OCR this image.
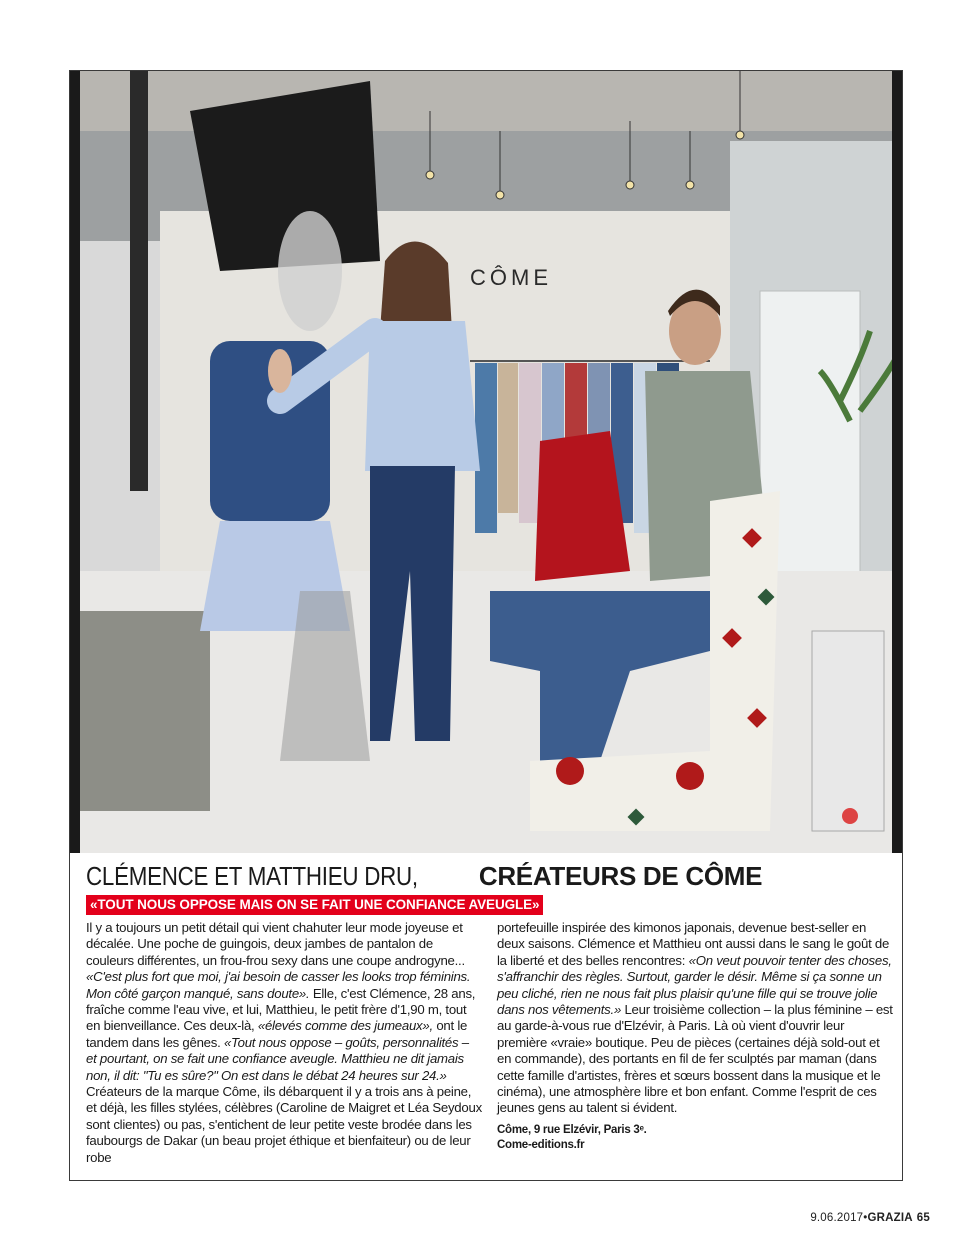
CÔME
CLÉMENCE ET MATTHIEU DRU, CRÉATEURS DE CÔME
«TOUT NOUS OPPOSE MAIS ON SE FAIT UNE CONFIANCE AVEUGLE»

Il y a toujours un petit détail qui vient chahuter leur mode joyeuse et décalée. Une poche de guingois, deux jambes de pantalon de couleurs différentes, un frou-frou sexy dans une coupe androgyne... «C'est plus fort que moi, j'ai besoin de casser les looks trop féminins. Mon côté garçon manqué, sans doute». Elle, c'est Clémence, 28 ans, fraîche comme l'eau vive, et lui, Matthieu, le petit frère d'1,90 m, tout en bienveillance. Ces deux-là, «élevés comme des jumeaux», ont le tandem dans les gênes. «Tout nous oppose – goûts, personnalités – et pourtant, on se fait une confiance aveugle. Matthieu ne dit jamais non, il dit: "Tu es sûre?" On est dans le débat 24 heures sur 24.» Créateurs de la marque Côme, ils débarquent il y a trois ans à peine, et déjà, les filles stylées, célèbres (Caroline de Maigret et Léa Seydoux sont clientes) ou pas, s'entichent de leur petite veste brodée dans les faubourgs de Dakar (un beau projet éthique et bienfaiteur) ou de leur robe

portefeuille inspirée des kimonos japonais, devenue best-seller en deux saisons. Clémence et Matthieu ont aussi dans le sang le goût de la liberté et des belles rencontres: «On veut pouvoir tenter des choses, s'affranchir des règles. Surtout, garder le désir. Même si ça sonne un peu cliché, rien ne nous fait plus plaisir qu'une fille qui se trouve jolie dans nos vêtements.» Leur troisième collection – la plus féminine – est au garde-à-vous rue d'Elzévir, à Paris. Là où vient d'ouvrir leur première «vraie» boutique. Peu de pièces (certaines déjà sold-out et en commande), des portants en fil de fer sculptés par maman (dans cette famille d'artistes, frères et sœurs bossent dans la musique et le cinéma), une atmosphère libre et bon enfant. Comme l'esprit de ces jeunes gens au talent si évident.

Côme, 9 rue Elzévir, Paris 3ᵉ.
Come-editions.fr

9.06.2017•GRAZIA 65
